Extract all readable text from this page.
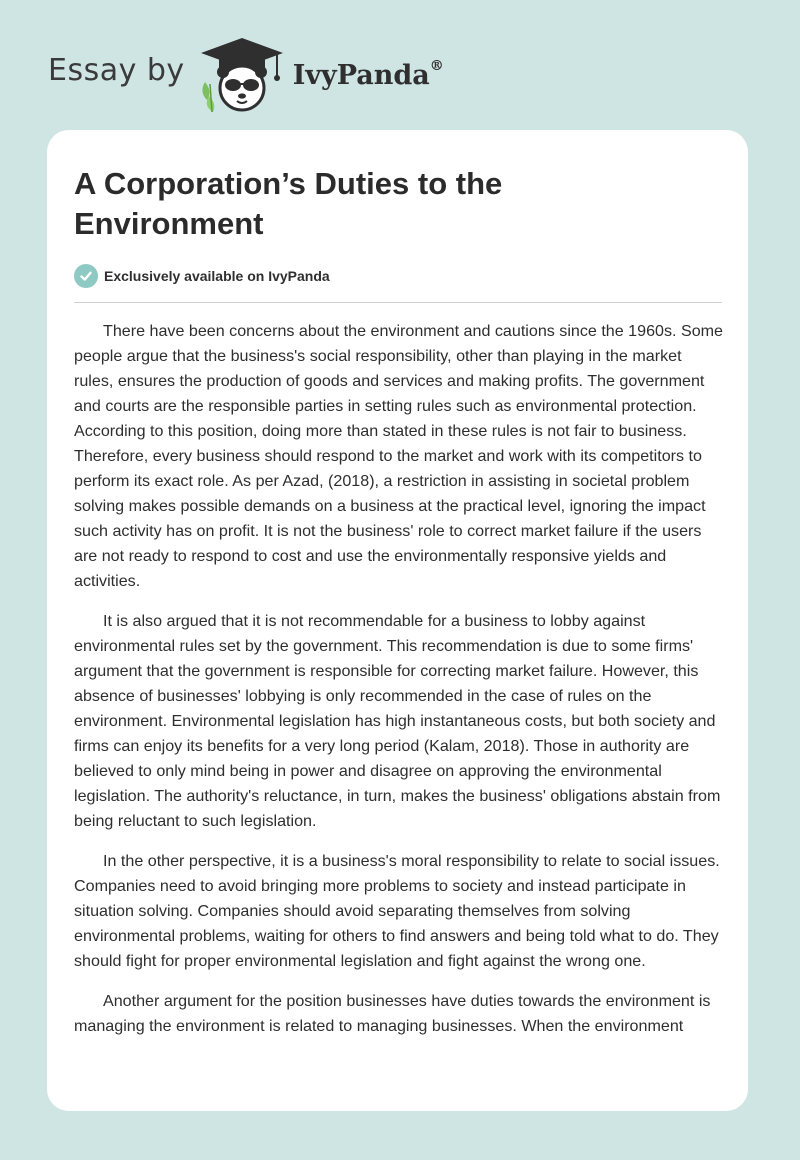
Essay by	IvyPanda®
A Corporation’s Duties to the Environment
Exclusively available on IvyPanda

There have been concerns about the environment and cautions since the 1960s. Some people argue that the business's social responsibility, other than playing in the market rules, ensures the production of goods and services and making profits. The government and courts are the responsible parties in setting rules such as environmental protection. According to this position, doing more than stated in these rules is not fair to business. Therefore, every business should respond to the market and work with its competitors to perform its exact role. As per Azad, (2018), a restriction in assisting in societal problem solving makes possible demands on a business at the practical level, ignoring the impact such activity has on profit. It is not the business' role to correct market failure if the users are not ready to respond to cost and use the environmentally responsive yields and activities.

It is also argued that it is not recommendable for a business to lobby against environmental rules set by the government. This recommendation is due to some firms' argument that the government is responsible for correcting market failure. However, this absence of businesses' lobbying is only recommended in the case of rules on the environment. Environmental legislation has high instantaneous costs, but both society and firms can enjoy its benefits for a very long period (Kalam, 2018). Those in authority are believed to only mind being in power and disagree on approving the environmental legislation. The authority's reluctance, in turn, makes the business' obligations abstain from being reluctant to such legislation.

In the other perspective, it is a business's moral responsibility to relate to social issues. Companies need to avoid bringing more problems to society and instead participate in situation solving. Companies should avoid separating themselves from solving environmental problems, waiting for others to find answers and being told what to do. They should fight for proper environmental legislation and fight against the wrong one.

Another argument for the position businesses have duties towards the environment is managing the environment is related to managing businesses. When the environment
